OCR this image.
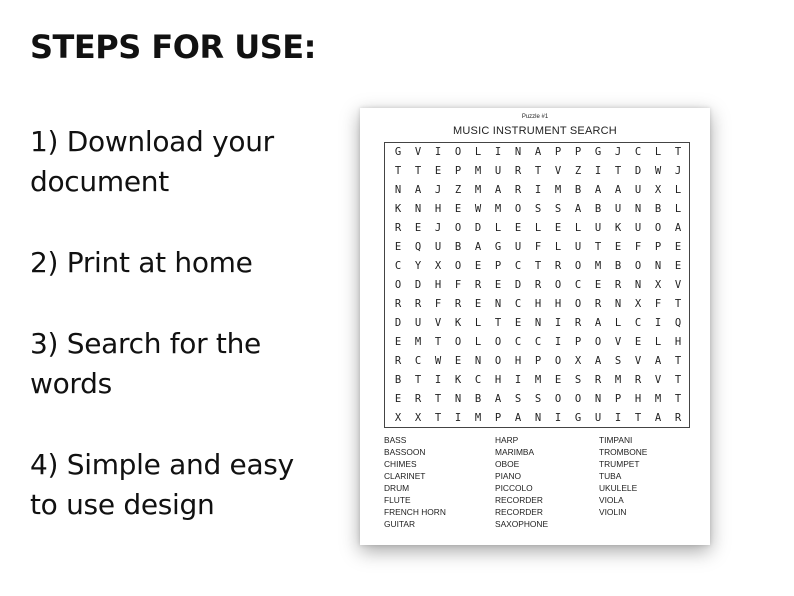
STEPS FOR USE:
1) Download your
document
2) Print at home
3) Search for the
words
4) Simple and easy
to use design
Puzzle #1
MUSIC INSTRUMENT SEARCH
G	V	I	O	L	I	N	A	P	P	G	J	C	L	T
T	T	E	P	M	U	R	T	V	Z	I	T	D	W	J
N	A	J	Z	M	A	R	I	M	B	A	A	U	X	L
K	N	H	E	W	M	O	S	S	A	B	U	N	B	L
R	E	J	O	D	L	E	L	E	L	U	K	U	O	A
E	Q	U	B	A	G	U	F	L	U	T	E	F	P	E
C	Y	X	O	E	P	C	T	R	O	M	B	O	N	E
O	D	H	F	R	E	D	R	O	C	E	R	N	X	V
R	R	F	R	E	N	C	H	H	O	R	N	X	F	T
D	U	V	K	L	T	E	N	I	R	A	L	C	I	Q
E	M	T	O	L	O	C	C	I	P	O	V	E	L	H
R	C	W	E	N	O	H	P	O	X	A	S	V	A	T
B	T	I	K	C	H	I	M	E	S	R	M	R	V	T
E	R	T	N	B	A	S	S	O	O	N	P	H	M	T
X	X	T	I	M	P	A	N	I	G	U	I	T	A	R
BASS
BASSOON
CHIMES
CLARINET
DRUM
FLUTE
FRENCH HORN
GUITAR
HARP
MARIMBA
OBOE
PIANO
PICCOLO
RECORDER
RECORDER
SAXOPHONE
TIMPANI
TROMBONE
TRUMPET
TUBA
UKULELE
VIOLA
VIOLIN
